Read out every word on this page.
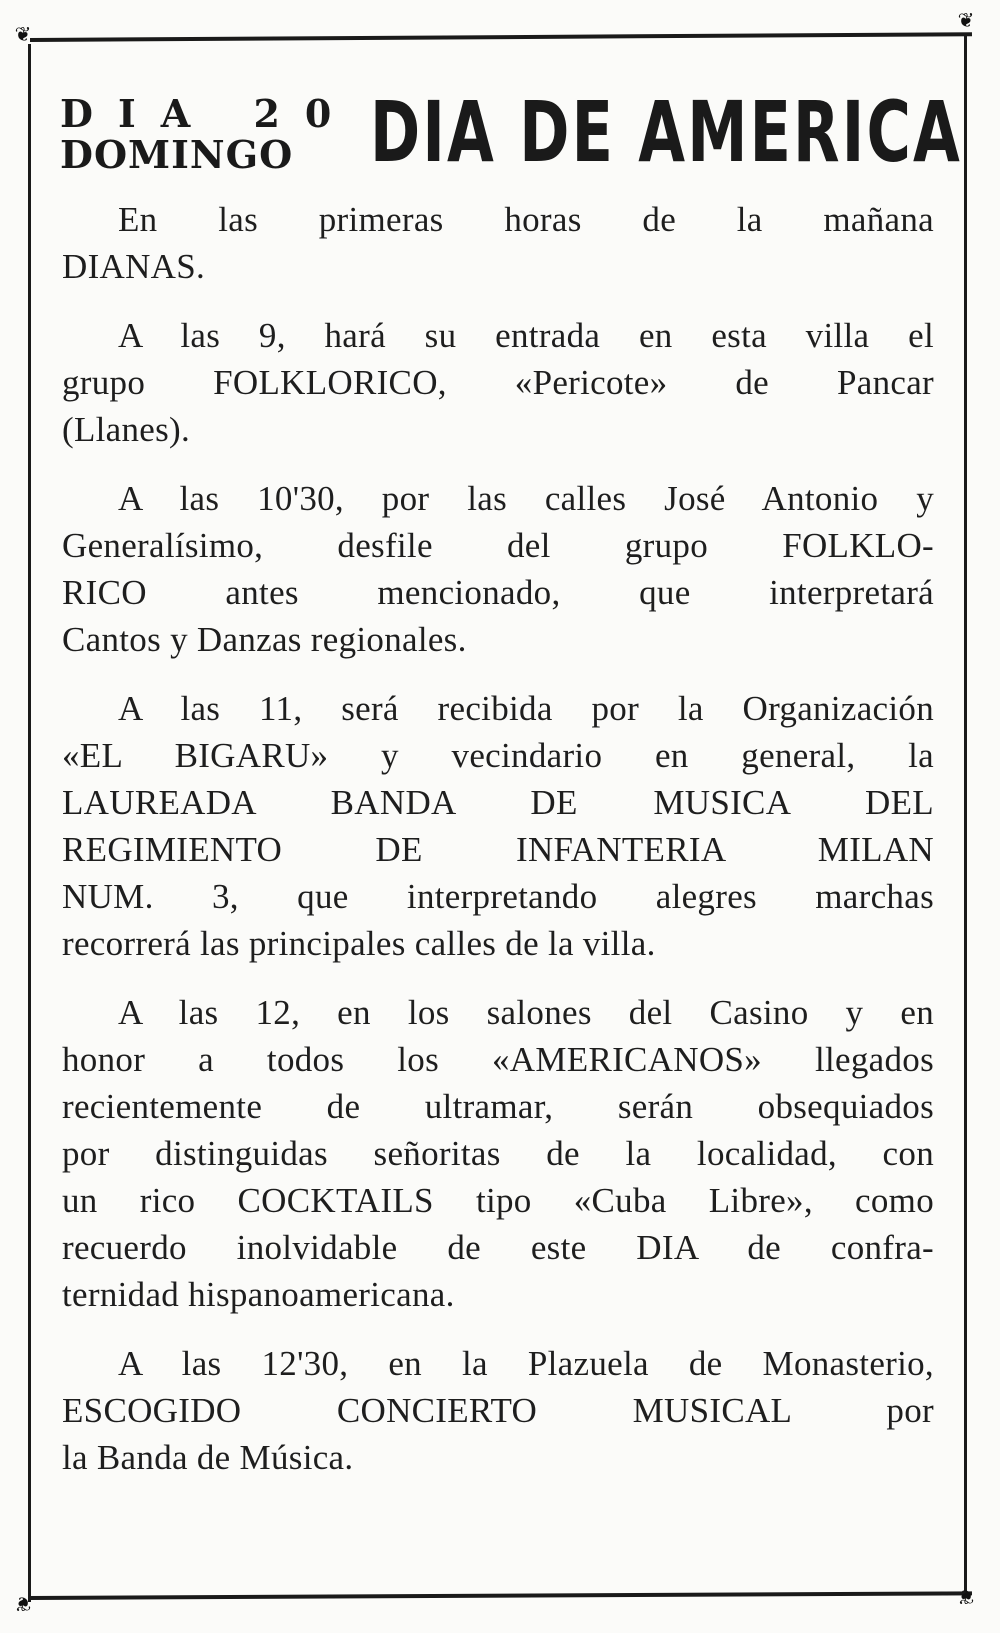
❦
❦
❦	❦
DIA 20
DOMINGO DIA DE AMERICA
En las primeras horas de la mañana
DIANAS.
A las 9, hará su entrada en esta villa el
grupo FOLKLORICO, «Pericote» de Pancar
(Llanes).
A las 10'30, por las calles José Antonio y
Generalísimo, desfile del grupo FOLKLO-
RICO antes mencionado, que interpretará
Cantos y Danzas regionales.
A las 11, será recibida por la Organización
«EL BIGARU» y vecindario en general, la
LAUREADA BANDA DE MUSICA DEL
REGIMIENTO DE INFANTERIA MILAN
NUM. 3, que interpretando alegres marchas
recorrerá las principales calles de la villa.
A las 12, en los salones del Casino y en
honor a todos los «AMERICANOS» llegados
recientemente de ultramar, serán obsequiados
por distinguidas señoritas de la localidad, con
un rico COCKTAILS tipo «Cuba Libre», como
recuerdo inolvidable de este DIA de confra-
ternidad hispanoamericana.
A las 12'30, en la Plazuela de Monasterio,
ESCOGIDO CONCIERTO MUSICAL por
la Banda de Música.
